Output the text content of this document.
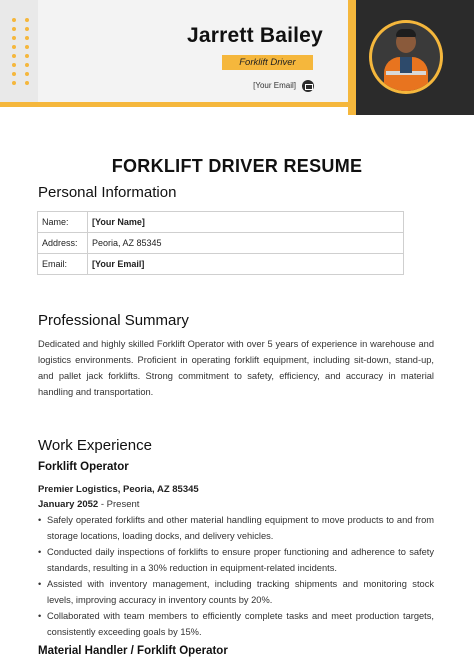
Jarrett Bailey
Forklift Driver
[Your Email]
FORKLIFT DRIVER RESUME
Personal Information
Name:	[Your Name]
Address:	Peoria, AZ 85345
Email:	[Your Email]
Professional Summary
Dedicated and highly skilled Forklift Operator with over 5 years of experience in warehouse and logistics environments. Proficient in operating forklift equipment, including sit-down, stand-up, and pallet jack forklifts. Strong commitment to safety, efficiency, and accuracy in material handling and transportation.
Work Experience
Forklift Operator
Premier Logistics, Peoria, AZ 85345
January 2052 - Present
• Safely operated forklifts and other material handling equipment to move products to and from storage locations, loading docks, and delivery vehicles.
• Conducted daily inspections of forklifts to ensure proper functioning and adherence to safety standards, resulting in a 30% reduction in equipment-related incidents.
• Assisted with inventory management, including tracking shipments and monitoring stock levels, improving accuracy in inventory counts by 20%.
• Collaborated with team members to efficiently complete tasks and meet production targets, consistently exceeding goals by 15%.
Material Handler / Forklift Operator
